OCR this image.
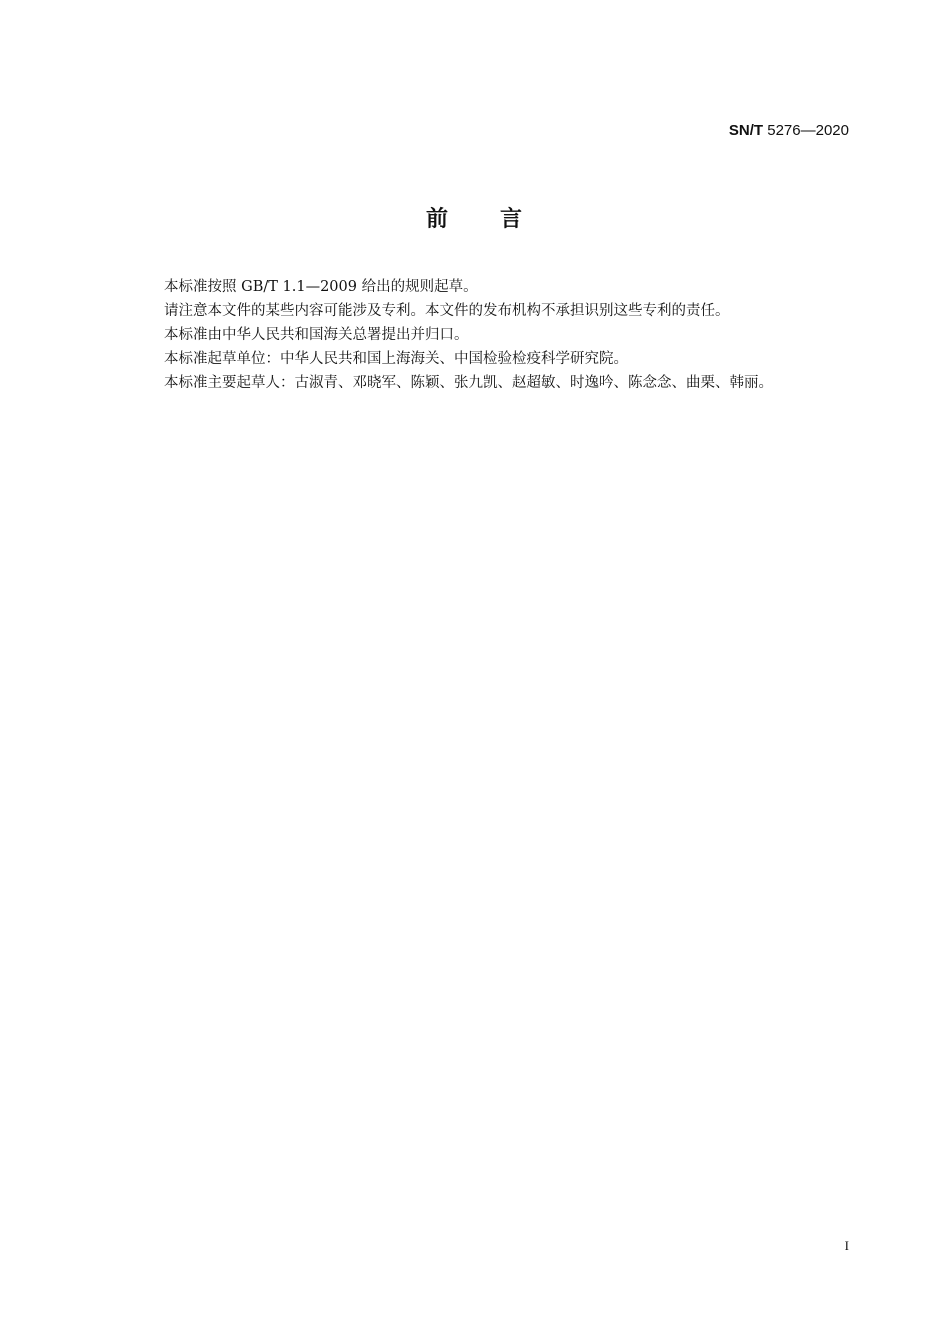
SN/T 5276—2020
前 言

本标准按照 GB/T 1.1—2009 给出的规则起草。

请注意本文件的某些内容可能涉及专利。本文件的发布机构不承担识别这些专利的责任。

本标准由中华人民共和国海关总署提出并归口。

本标准起草单位：中华人民共和国上海海关、中国检验检疫科学研究院。

本标准主要起草人：古淑青、邓晓军、陈颖、张九凯、赵超敏、时逸吟、陈念念、曲栗、韩丽。

I
